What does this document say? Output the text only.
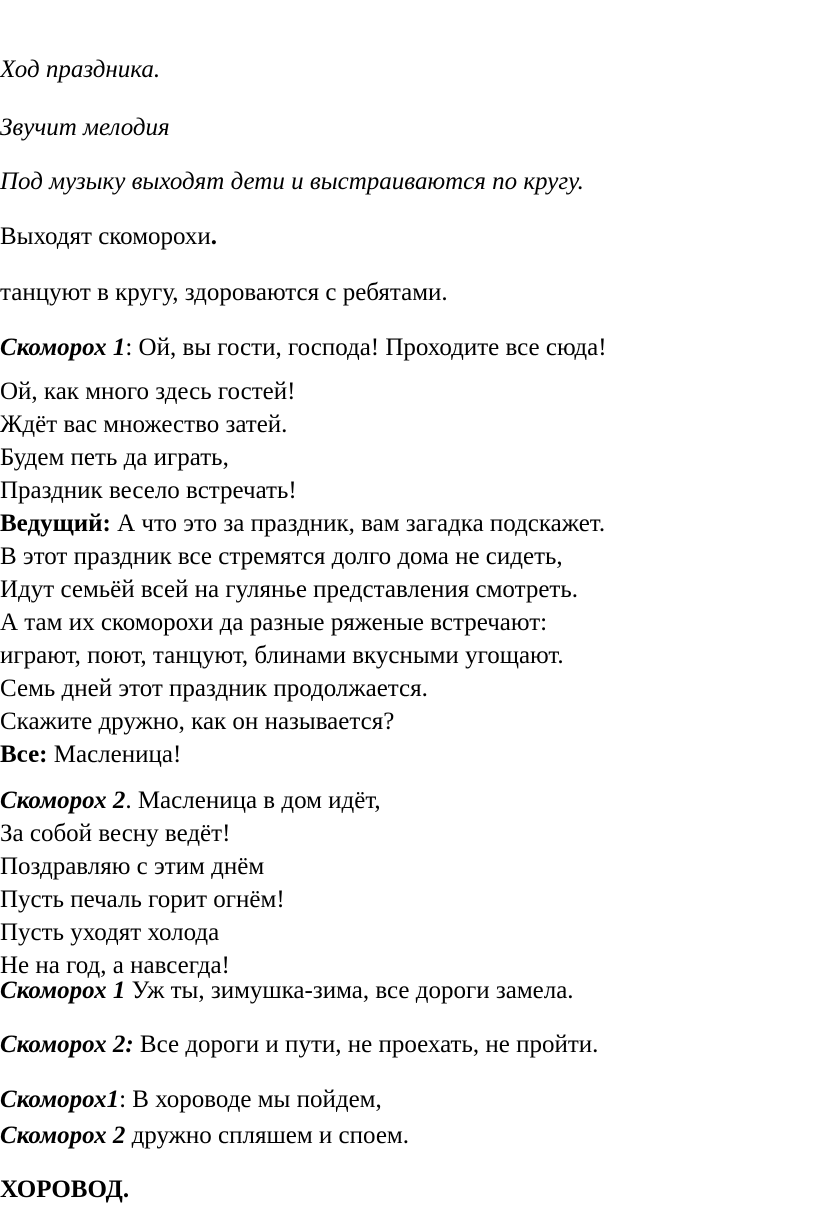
Ход праздника.
Звучит мелодия
Под музыку выходят дети и выстраиваются по кругу.
Выходят скоморохи.
танцуют в кругу, здороваются с ребятами.
Скоморох 1: Ой, вы гости, господа! Проходите все сюда!
Ой, как много здесь гостей!
Ждёт вас множество затей.
Будем петь да играть,
Праздник весело встречать!
Ведущий: А что это за праздник, вам загадка подскажет.
В этот праздник все стремятся долго дома не сидеть,
Идут семьёй всей на гулянье представления смотреть.
А там их скоморохи да разные ряженые встречают:
играют, поют, танцуют, блинами вкусными угощают.
Семь дней этот праздник продолжается.
Скажите дружно, как он называется?
Все: Масленица!
Скоморох 2. Масленица в дом идёт,
За собой весну ведёт!
Поздравляю с этим днём
Пусть печаль горит огнём!
Пусть уходят холода
Не на год, а навсегда!
Скоморох 1 Уж ты, зимушка-зима, все дороги замела.
Скоморох 2: Все дороги и пути, не проехать, не пройти.
Скоморох1: В хороводе мы пойдем,
Скоморох 2 дружно спляшем и споем.
ХОРОВОД.
